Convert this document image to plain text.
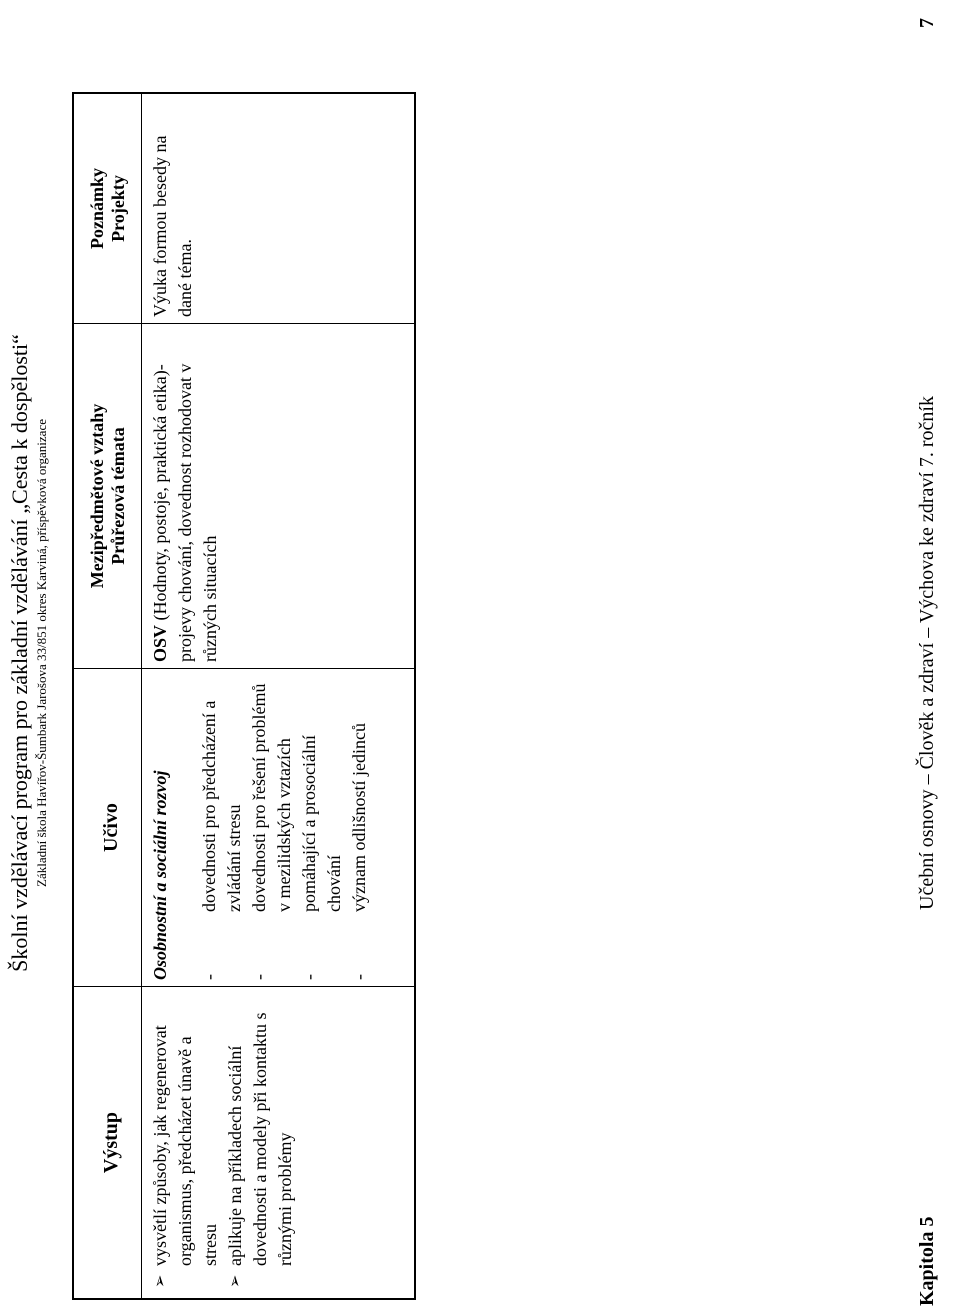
Školní vzdělávací program pro základní vzdělávání „Cesta k dospělosti“ Základní škola Havířov-Šumbark Jarošova 33/851 okres Karviná, příspěvková organizace
Výstup
➢
vysvětlí způsoby, jak regenerovat organismus, předcházet únavě a stresu
➢
aplikuje na příkladech sociální dovednosti a modely při kontaktu s různými problémy
Učivo Osobnostní a sociální rozvoj -
dovednosti pro předcházení a zvládání stresu
-
dovednosti pro řešení problémů v mezilidských vztazích
-
pomáhající a prosociální chování
-
význam odlišností jedinců
Mezipředmětové vztahy Průřezová témata
OSV (Hodnoty, postoje, praktická etika)-projevy chování, dovednost rozhodovat v různých situacích
Poznámky Projekty	Výuka formou besedy na dané téma.
Kapitola 5
Učební osnovy – Člověk a zdraví – Výchova ke zdraví 7. ročník
7
